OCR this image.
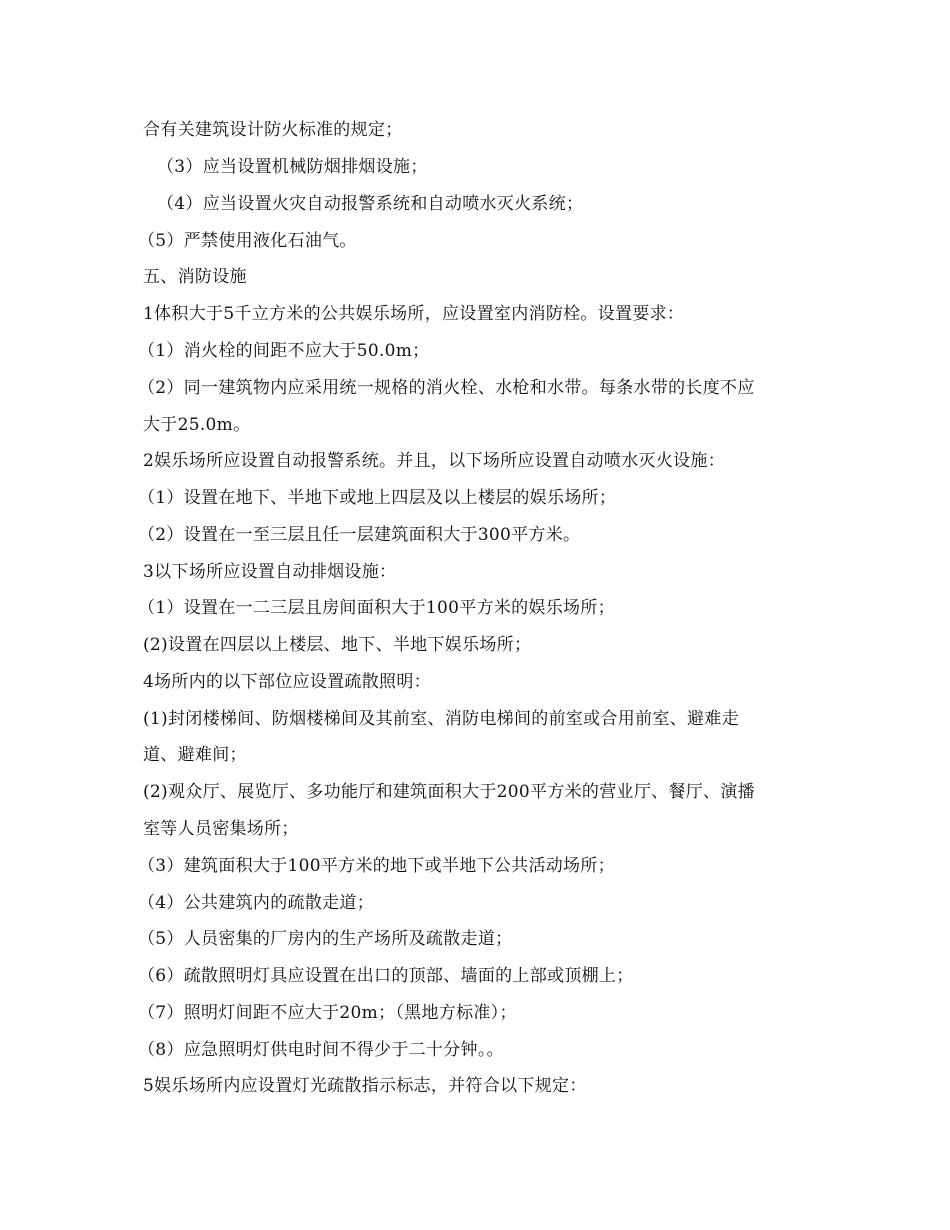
合有关建筑设计防火标准的规定；
（3）应当设置机械防烟排烟设施；
（4）应当设置火灾自动报警系统和自动喷水灭火系统；
（5）严禁使用液化石油气。
五、消防设施
1体积大于5千立方米的公共娱乐场所，应设置室内消防栓。设置要求：
（1）消火栓的间距不应大于50.0m；
（2）同一建筑物内应采用统一规格的消火栓、水枪和水带。每条水带的长度不应
大于25.0m。
2娱乐场所应设置自动报警系统。并且，以下场所应设置自动喷水灭火设施：
（1）设置在地下、半地下或地上四层及以上楼层的娱乐场所；
（2）设置在一至三层且任一层建筑面积大于300平方米。
3以下场所应设置自动排烟设施：
（1）设置在一二三层且房间面积大于100平方米的娱乐场所；
(2)设置在四层以上楼层、地下、半地下娱乐场所；
4场所内的以下部位应设置疏散照明：
(1)封闭楼梯间、防烟楼梯间及其前室、消防电梯间的前室或合用前室、避难走
道、避难间；
(2)观众厅、展览厅、多功能厅和建筑面积大于200平方米的营业厅、餐厅、演播
室等人员密集场所；
（3）建筑面积大于100平方米的地下或半地下公共活动场所；
（4）公共建筑内的疏散走道；
（5）人员密集的厂房内的生产场所及疏散走道；
（6）疏散照明灯具应设置在出口的顶部、墙面的上部或顶棚上；
（7）照明灯间距不应大于20m；（黑地方标准）；
（8）应急照明灯供电时间不得少于二十分钟。。
5娱乐场所内应设置灯光疏散指示标志，并符合以下规定：
